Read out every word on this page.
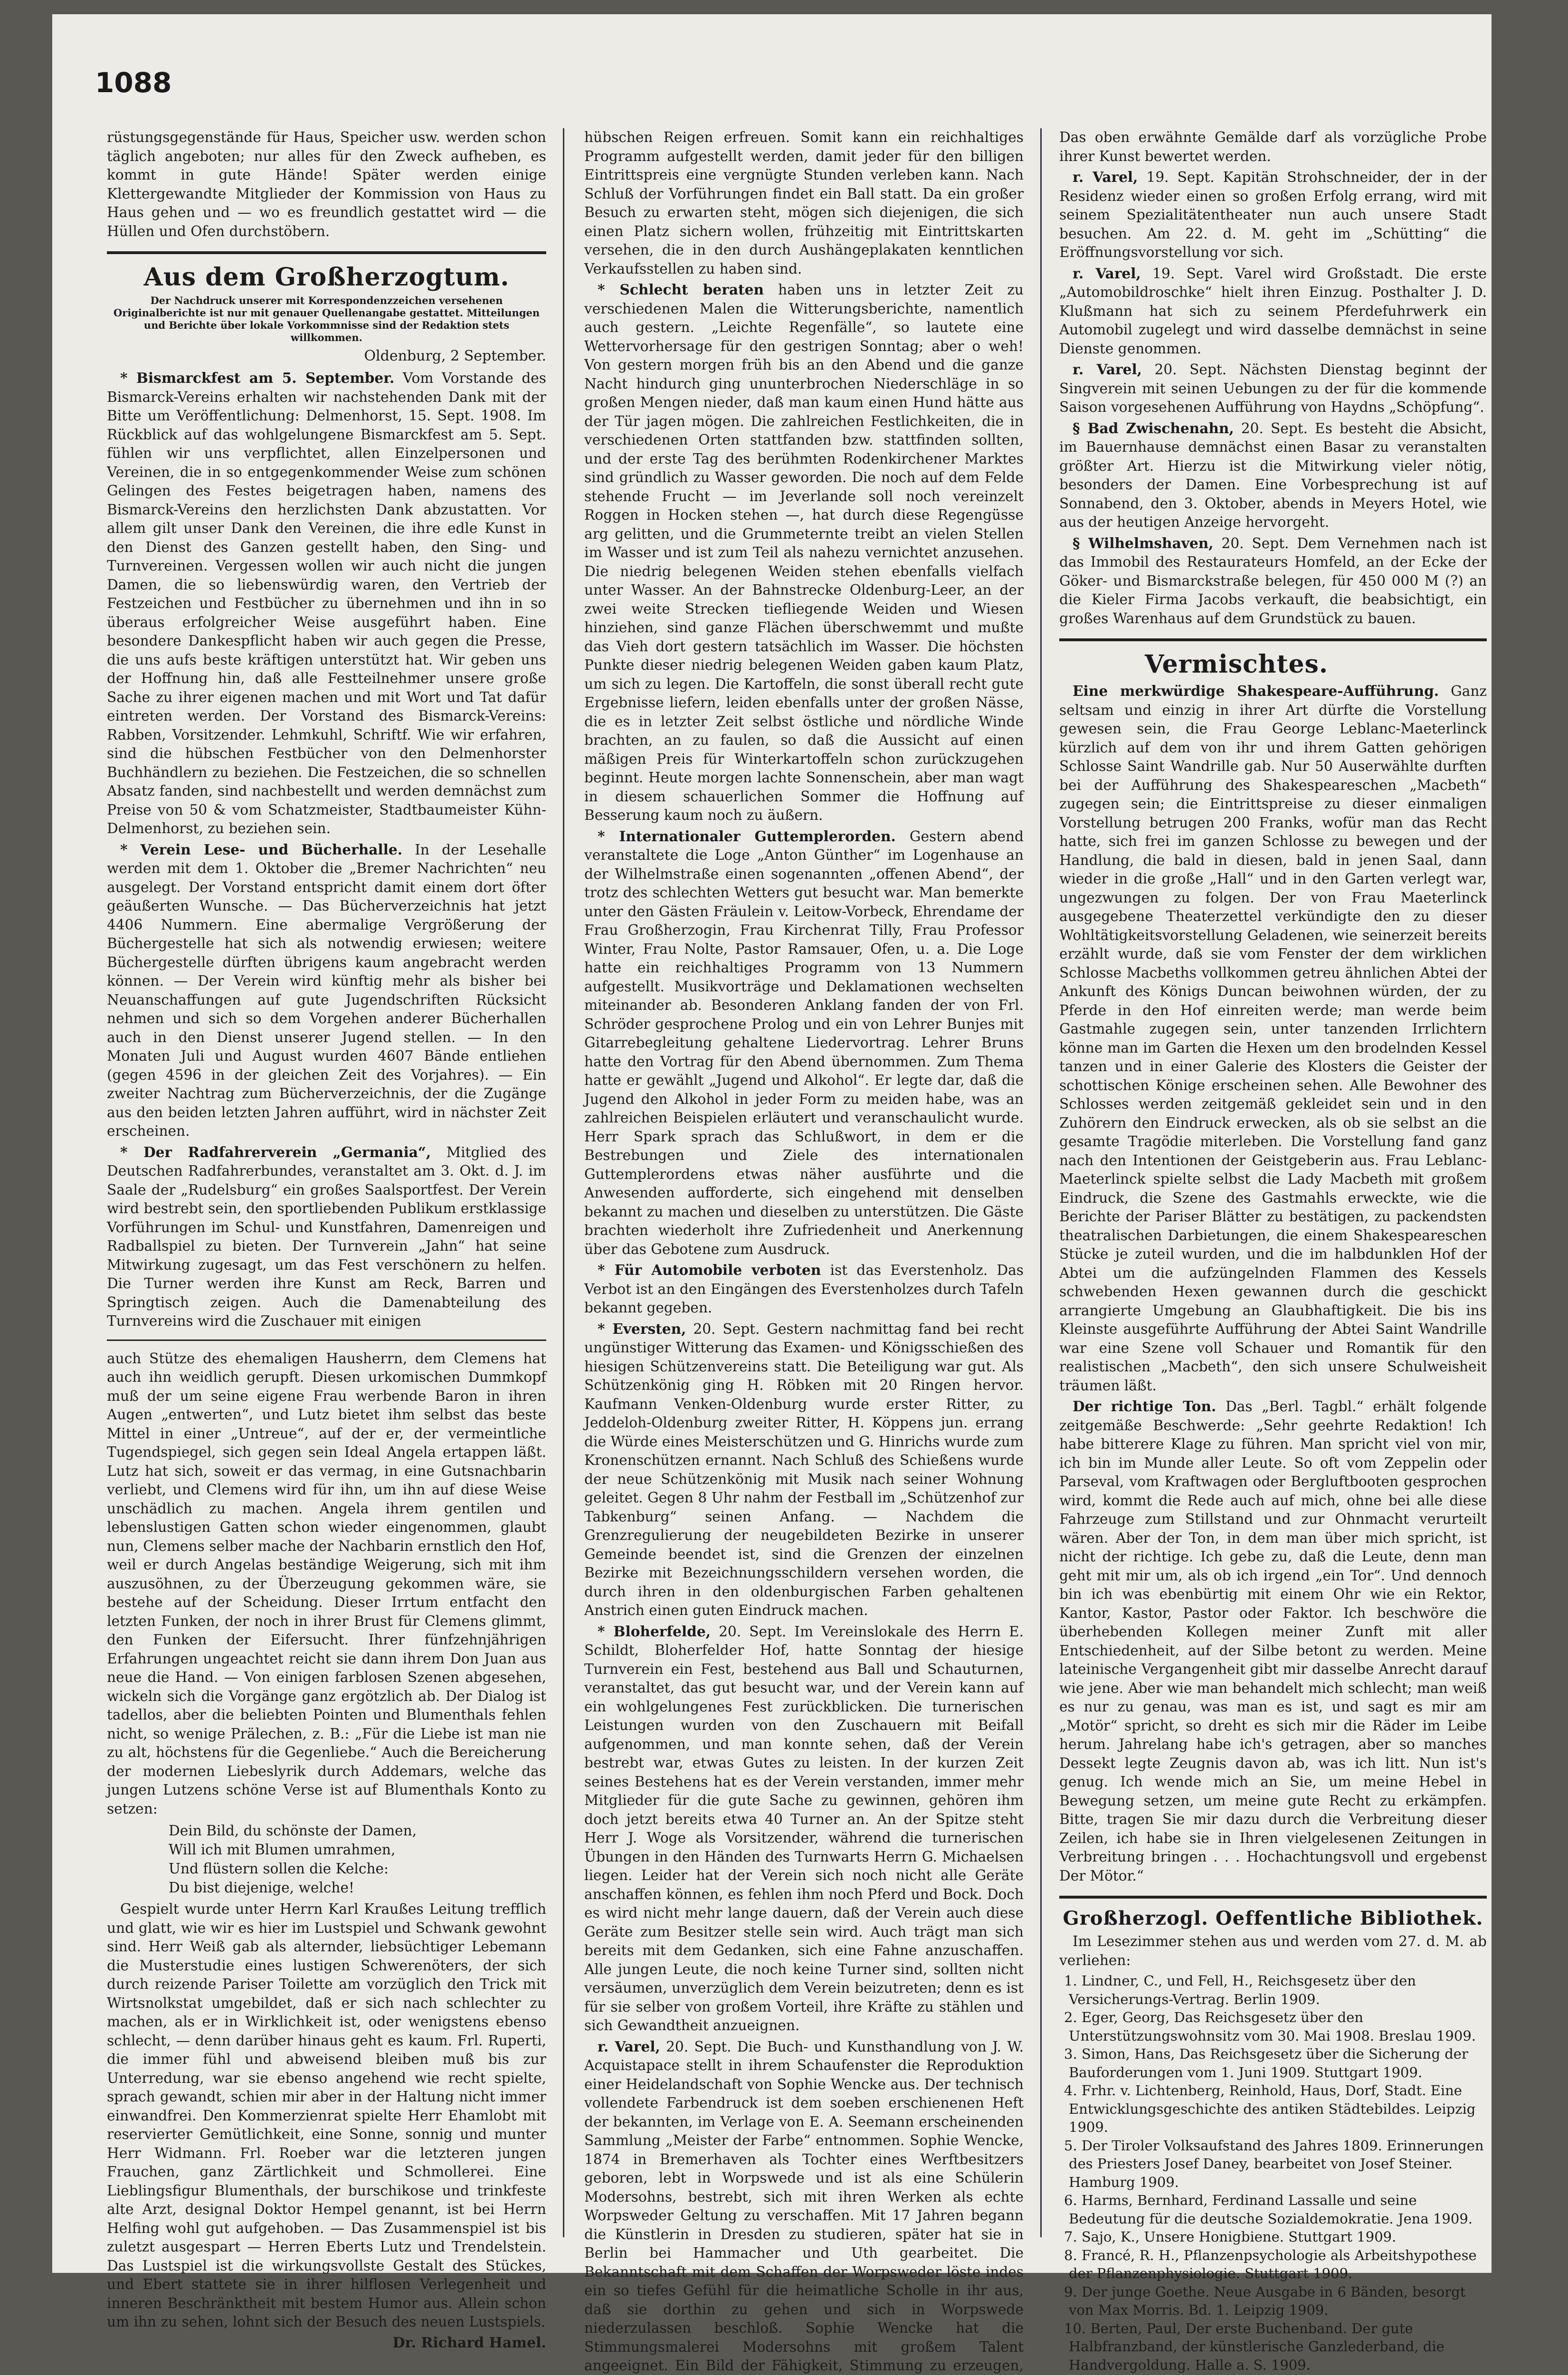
1088

rüstungsgegenstände für Haus, Speicher usw. werden schon täglich angeboten; nur alles für den Zweck aufheben, es kommt in gute Hände! Später werden einige Klettergewandte Mitglieder der Kommission von Haus zu Haus gehen und — wo es freundlich gestattet wird — die Hüllen und Ofen durchstöbern.

Aus dem Großherzogtum.
Der Nachdruck unserer mit Korrespondenzzeichen versehenen Originalberichte ist nur mit genauer Quellenangabe gestattet. Mitteilungen und Berichte über lokale Vorkommnisse sind der Redaktion stets willkommen.
Oldenburg, 2 September.

* Bismarckfest am 5. September. Vom Vorstande des Bismarck-Vereins erhalten wir nachstehenden Dank mit der Bitte um Veröffentlichung: Delmenhorst, 15. Sept. 1908. Im Rückblick auf das wohlgelungene Bismarckfest am 5. Sept. fühlen wir uns verpflichtet, allen Einzelpersonen und Vereinen, die in so entgegenkommender Weise zum schönen Gelingen des Festes beigetragen haben, namens des Bismarck-Vereins den herzlichsten Dank abzustatten. Vor allem gilt unser Dank den Vereinen, die ihre edle Kunst in den Dienst des Ganzen gestellt haben, den Sing- und Turnvereinen. Vergessen wollen wir auch nicht die jungen Damen, die so liebenswürdig waren, den Vertrieb der Festzeichen und Festbücher zu übernehmen und ihn in so überaus erfolgreicher Weise ausgeführt haben. Eine besondere Dankespflicht haben wir auch gegen die Presse, die uns aufs beste kräftigen unterstützt hat. Wir geben uns der Hoffnung hin, daß alle Festteilnehmer unsere große Sache zu ihrer eigenen machen und mit Wort und Tat dafür eintreten werden. Der Vorstand des Bismarck-Vereins: Rabben, Vorsitzender. Lehmkuhl, Schriftf. Wie wir erfahren, sind die hübschen Festbücher von den Delmenhorster Buchhändlern zu beziehen. Die Festzeichen, die so schnellen Absatz fanden, sind nachbestellt und werden demnächst zum Preise von 50 & vom Schatzmeister, Stadtbaumeister Kühn-Delmenhorst, zu beziehen sein.

* Verein Lese- und Bücherhalle. In der Lesehalle werden mit dem 1. Oktober die „Bremer Nachrichten“ neu ausgelegt. Der Vorstand entspricht damit einem dort öfter geäußerten Wunsche. — Das Bücherverzeichnis hat jetzt 4406 Nummern. Eine abermalige Vergrößerung der Büchergestelle hat sich als notwendig erwiesen; weitere Büchergestelle dürften übrigens kaum angebracht werden können. — Der Verein wird künftig mehr als bisher bei Neuanschaffungen auf gute Jugendschriften Rücksicht nehmen und sich so dem Vorgehen anderer Bücherhallen auch in den Dienst unserer Jugend stellen. — In den Monaten Juli und August wurden 4607 Bände entliehen (gegen 4596 in der gleichen Zeit des Vorjahres). — Ein zweiter Nachtrag zum Bücherverzeichnis, der die Zugänge aus den beiden letzten Jahren aufführt, wird in nächster Zeit erscheinen.

* Der Radfahrerverein „Germania“, Mitglied des Deutschen Radfahrerbundes, veranstaltet am 3. Okt. d. J. im Saale der „Rudelsburg“ ein großes Saalsportfest. Der Verein wird bestrebt sein, den sportliebenden Publikum erstklassige Vorführungen im Schul- und Kunstfahren, Damenreigen und Radballspiel zu bieten. Der Turnverein „Jahn“ hat seine Mitwirkung zugesagt, um das Fest verschönern zu helfen. Die Turner werden ihre Kunst am Reck, Barren und Springtisch zeigen. Auch die Damenabteilung des Turnvereins wird die Zuschauer mit einigen

auch Stütze des ehemaligen Hausherrn, dem Clemens hat auch ihn weidlich gerupft. Diesen urkomischen Dummkopf muß der um seine eigene Frau werbende Baron in ihren Augen „entwerten“, und Lutz bietet ihm selbst das beste Mittel in einer „Untreue“, auf der er, der vermeintliche Tugendspiegel, sich gegen sein Ideal Angela ertappen läßt. Lutz hat sich, soweit er das vermag, in eine Gutsnachbarin verliebt, und Clemens wird für ihn, um ihn auf diese Weise unschädlich zu machen. Angela ihrem gentilen und lebenslustigen Gatten schon wieder eingenommen, glaubt nun, Clemens selber mache der Nachbarin ernstlich den Hof, weil er durch Angelas beständige Weigerung, sich mit ihm auszusöhnen, zu der Überzeugung gekommen wäre, sie bestehe auf der Scheidung. Dieser Irrtum entfacht den letzten Funken, der noch in ihrer Brust für Clemens glimmt, den Funken der Eifersucht. Ihrer fünfzehnjährigen Erfahrungen ungeachtet reicht sie dann ihrem Don Juan aus neue die Hand. — Von einigen farblosen Szenen abgesehen, wickeln sich die Vorgänge ganz ergötzlich ab. Der Dialog ist tadellos, aber die beliebten Pointen und Blumenthals fehlen nicht, so wenige Prälechen, z. B.: „Für die Liebe ist man nie zu alt, höchstens für die Gegenliebe.“ Auch die Bereicherung der modernen Liebeslyrik durch Addemars, welche das jungen Lutzens schöne Verse ist auf Blumenthals Konto zu setzen:

Dein Bild, du schönste der Damen,
Will ich mit Blumen umrahmen,
Und flüstern sollen die Kelche:
Du bist diejenige, welche!

Gespielt wurde unter Herrn Karl Kraußes Leitung trefflich und glatt, wie wir es hier im Lustspiel und Schwank gewohnt sind. Herr Weiß gab als alternder, liebsüchtiger Lebemann die Musterstudie eines lustigen Schwerenöters, der sich durch reizende Pariser Toilette am vorzüglich den Trick mit Wirtsnolkstat umgebildet, daß er sich nach schlechter zu machen, als er in Wirklichkeit ist, oder wenigstens ebenso schlecht, — denn darüber hinaus geht es kaum. Frl. Ruperti, die immer fühl und abweisend bleiben muß bis zur Unterredung, war sie ebenso angehend wie recht spielte, sprach gewandt, schien mir aber in der Haltung nicht immer einwandfrei. Den Kommerzienrat spielte Herr Ehamlobt mit reservierter Gemütlichkeit, eine Sonne, sonnig und munter Herr Widmann. Frl. Roeber war die letzteren jungen Frauchen, ganz Zärtlichkeit und Schmollerei. Eine Lieblingsfigur Blumenthals, der burschikose und trinkfeste alte Arzt, designal Doktor Hempel genannt, ist bei Herrn Helfing wohl gut aufgehoben. — Das Zusammenspiel ist bis zuletzt ausgespart — Herren Eberts Lutz und Trendelstein. Das Lustspiel ist die wirkungsvollste Gestalt des Stückes, und Ebert stattete sie in ihrer hilflosen Verlegenheit und inneren Beschränktheit mit bestem Humor aus. Allein schon um ihn zu sehen, lohnt sich der Besuch des neuen Lustspiels.

Dr. Richard Hamel.

hübschen Reigen erfreuen. Somit kann ein reichhaltiges Programm aufgestellt werden, damit jeder für den billigen Eintrittspreis eine vergnügte Stunden verleben kann. Nach Schluß der Vorführungen findet ein Ball statt. Da ein großer Besuch zu erwarten steht, mögen sich diejenigen, die sich einen Platz sichern wollen, frühzeitig mit Eintrittskarten versehen, die in den durch Aushängeplakaten kenntlichen Verkaufsstellen zu haben sind.

* Schlecht beraten haben uns in letzter Zeit zu verschiedenen Malen die Witterungsberichte, namentlich auch gestern. „Leichte Regenfälle“, so lautete eine Wettervorhersage für den gestrigen Sonntag; aber o weh! Von gestern morgen früh bis an den Abend und die ganze Nacht hindurch ging ununterbrochen Niederschläge in so großen Mengen nieder, daß man kaum einen Hund hätte aus der Tür jagen mögen. Die zahlreichen Festlichkeiten, die in verschiedenen Orten stattfanden bzw. stattfinden sollten, und der erste Tag des berühmten Rodenkirchener Marktes sind gründlich zu Wasser geworden. Die noch auf dem Felde stehende Frucht — im Jeverlande soll noch vereinzelt Roggen in Hocken stehen —, hat durch diese Regengüsse arg gelitten, und die Grummeternte treibt an vielen Stellen im Wasser und ist zum Teil als nahezu vernichtet anzusehen. Die niedrig belegenen Weiden stehen ebenfalls vielfach unter Wasser. An der Bahnstrecke Oldenburg-Leer, an der zwei weite Strecken tiefliegende Weiden und Wiesen hinziehen, sind ganze Flächen überschwemmt und mußte das Vieh dort gestern tatsächlich im Wasser. Die höchsten Punkte dieser niedrig belegenen Weiden gaben kaum Platz, um sich zu legen. Die Kartoffeln, die sonst überall recht gute Ergebnisse liefern, leiden ebenfalls unter der großen Nässe, die es in letzter Zeit selbst östliche und nördliche Winde brachten, an zu faulen, so daß die Aussicht auf einen mäßigen Preis für Winterkartoffeln schon zurückzugehen beginnt. Heute morgen lachte Sonnenschein, aber man wagt in diesem schauerlichen Sommer die Hoffnung auf Besserung kaum noch zu äußern.

* Internationaler Guttemplerorden. Gestern abend veranstaltete die Loge „Anton Günther“ im Logenhause an der Wilhelmstraße einen sogenannten „offenen Abend“, der trotz des schlechten Wetters gut besucht war. Man bemerkte unter den Gästen Fräulein v. Leitow-Vorbeck, Ehrendame der Frau Großherzogin, Frau Kirchenrat Tilly, Frau Professor Winter, Frau Nolte, Pastor Ramsauer, Ofen, u. a. Die Loge hatte ein reichhaltiges Programm von 13 Nummern aufgestellt. Musikvorträge und Deklamationen wechselten miteinander ab. Besonderen Anklang fanden der von Frl. Schröder gesprochene Prolog und ein von Lehrer Bunjes mit Gitarrebegleitung gehaltene Liedervortrag. Lehrer Bruns hatte den Vortrag für den Abend übernommen. Zum Thema hatte er gewählt „Jugend und Alkohol“. Er legte dar, daß die Jugend den Alkohol in jeder Form zu meiden habe, was an zahlreichen Beispielen erläutert und veranschaulicht wurde. Herr Spark sprach das Schlußwort, in dem er die Bestrebungen und Ziele des internationalen Guttemplerordens etwas näher ausführte und die Anwesenden aufforderte, sich eingehend mit denselben bekannt zu machen und dieselben zu unterstützen. Die Gäste brachten wiederholt ihre Zufriedenheit und Anerkennung über das Gebotene zum Ausdruck.

* Für Automobile verboten ist das Everstenholz. Das Verbot ist an den Eingängen des Everstenholzes durch Tafeln bekannt gegeben.

* Eversten, 20. Sept. Gestern nachmittag fand bei recht ungünstiger Witterung das Examen- und Königsschießen des hiesigen Schützenvereins statt. Die Beteiligung war gut. Als Schützenkönig ging H. Röbken mit 20 Ringen hervor. Kaufmann Venken-Oldenburg wurde erster Ritter, zu Jeddeloh-Oldenburg zweiter Ritter, H. Köppens jun. errang die Würde eines Meisterschützen und G. Hinrichs wurde zum Kronenschützen ernannt. Nach Schluß des Schießens wurde der neue Schützenkönig mit Musik nach seiner Wohnung geleitet. Gegen 8 Uhr nahm der Festball im „Schützenhof zur Tabkenburg“ seinen Anfang. — Nachdem die Grenzregulierung der neugebildeten Bezirke in unserer Gemeinde beendet ist, sind die Grenzen der einzelnen Bezirke mit Bezeichnungsschildern versehen worden, die durch ihren in den oldenburgischen Farben gehaltenen Anstrich einen guten Eindruck machen.

* Bloherfelde, 20. Sept. Im Vereinslokale des Herrn E. Schildt, Bloherfelder Hof, hatte Sonntag der hiesige Turnverein ein Fest, bestehend aus Ball und Schauturnen, veranstaltet, das gut besucht war, und der Verein kann auf ein wohlgelungenes Fest zurückblicken. Die turnerischen Leistungen wurden von den Zuschauern mit Beifall aufgenommen, und man konnte sehen, daß der Verein bestrebt war, etwas Gutes zu leisten. In der kurzen Zeit seines Bestehens hat es der Verein verstanden, immer mehr Mitglieder für die gute Sache zu gewinnen, gehören ihm doch jetzt bereits etwa 40 Turner an. An der Spitze steht Herr J. Woge als Vorsitzender, während die turnerischen Übungen in den Händen des Turnwarts Herrn G. Michaelsen liegen. Leider hat der Verein sich noch nicht alle Geräte anschaffen können, es fehlen ihm noch Pferd und Bock. Doch es wird nicht mehr lange dauern, daß der Verein auch diese Geräte zum Besitzer stelle sein wird. Auch trägt man sich bereits mit dem Gedanken, sich eine Fahne anzuschaffen. Alle jungen Leute, die noch keine Turner sind, sollten nicht versäumen, unverzüglich dem Verein beizutreten; denn es ist für sie selber von großem Vorteil, ihre Kräfte zu stählen und sich Gewandtheit anzueignen.

r. Varel, 20. Sept. Die Buch- und Kunsthandlung von J. W. Acquistapace stellt in ihrem Schaufenster die Reproduktion einer Heidelandschaft von Sophie Wencke aus. Der technisch vollendete Farbendruck ist dem soeben erschienenen Heft der bekannten, im Verlage von E. A. Seemann erscheinenden Sammlung „Meister der Farbe“ entnommen. Sophie Wencke, 1874 in Bremerhaven als Tochter eines Werftbesitzers geboren, lebt in Worpswede und ist als eine Schülerin Modersohns, bestrebt, sich mit ihren Werken als echte Worpsweder Geltung zu verschaffen. Mit 17 Jahren begann die Künstlerin in Dresden zu studieren, später hat sie in Berlin bei Hammacher und Uth gearbeitet. Die Bekanntschaft mit dem Schaffen der Worpsweder löste indes ein so tiefes Gefühl für die heimatliche Scholle in ihr aus, daß sie dorthin zu gehen und sich in Worpswede niederzulassen beschloß. Sophie Wencke hat die Stimmungsmalerei Modersohns mit großem Talent angeeignet. Ein Bild der Fähigkeit, Stimmung zu erzeugen,

Das oben erwähnte Gemälde darf als vorzügliche Probe ihrer Kunst bewertet werden.

r. Varel, 19. Sept. Kapitän Strohschneider, der in der Residenz wieder einen so großen Erfolg errang, wird mit seinem Spezialitätentheater nun auch unsere Stadt besuchen. Am 22. d. M. geht im „Schütting“ die Eröffnungsvorstellung vor sich.

r. Varel, 19. Sept. Varel wird Großstadt. Die erste „Automobildroschke“ hielt ihren Einzug. Posthalter J. D. Klußmann hat sich zu seinem Pferdefuhrwerk ein Automobil zugelegt und wird dasselbe demnächst in seine Dienste genommen.

r. Varel, 20. Sept. Nächsten Dienstag beginnt der Singverein mit seinen Uebungen zu der für die kommende Saison vorgesehenen Aufführung von Haydns „Schöpfung“.

§ Bad Zwischenahn, 20. Sept. Es besteht die Absicht, im Bauernhause demnächst einen Basar zu veranstalten größter Art. Hierzu ist die Mitwirkung vieler nötig, besonders der Damen. Eine Vorbesprechung ist auf Sonnabend, den 3. Oktober, abends in Meyers Hotel, wie aus der heutigen Anzeige hervorgeht.

§ Wilhelmshaven, 20. Sept. Dem Vernehmen nach ist das Immobil des Restaurateurs Homfeld, an der Ecke der Göker- und Bismarckstraße belegen, für 450 000 M (?) an die Kieler Firma Jacobs verkauft, die beabsichtigt, ein großes Warenhaus auf dem Grundstück zu bauen.

Vermischtes.

Eine merkwürdige Shakespeare-Aufführung. Ganz seltsam und einzig in ihrer Art dürfte die Vorstellung gewesen sein, die Frau George Leblanc-Maeterlinck kürzlich auf dem von ihr und ihrem Gatten gehörigen Schlosse Saint Wandrille gab. Nur 50 Auserwählte durften bei der Aufführung des Shakespeareschen „Macbeth“ zugegen sein; die Eintrittspreise zu dieser einmaligen Vorstellung betrugen 200 Franks, wofür man das Recht hatte, sich frei im ganzen Schlosse zu bewegen und der Handlung, die bald in diesen, bald in jenen Saal, dann wieder in die große „Hall“ und in den Garten verlegt war, ungezwungen zu folgen. Der von Frau Maeterlinck ausgegebene Theaterzettel verkündigte den zu dieser Wohltätigkeitsvorstellung Geladenen, wie seinerzeit bereits erzählt wurde, daß sie vom Fenster der dem wirklichen Schlosse Macbeths vollkommen getreu ähnlichen Abtei der Ankunft des Königs Duncan beiwohnen würden, der zu Pferde in den Hof einreiten werde; man werde beim Gastmahle zugegen sein, unter tanzenden Irrlichtern könne man im Garten die Hexen um den brodelnden Kessel tanzen und in einer Galerie des Klosters die Geister der schottischen Könige erscheinen sehen. Alle Bewohner des Schlosses werden zeitgemäß gekleidet sein und in den Zuhörern den Eindruck erwecken, als ob sie selbst an die gesamte Tragödie miterleben. Die Vorstellung fand ganz nach den Intentionen der Geistgeberin aus. Frau Leblanc-Maeterlinck spielte selbst die Lady Macbeth mit großem Eindruck, die Szene des Gastmahls erweckte, wie die Berichte der Pariser Blätter zu bestätigen, zu packendsten theatralischen Darbietungen, die einem Shakespeareschen Stücke je zuteil wurden, und die im halbdunklen Hof der Abtei um die aufzüngelnden Flammen des Kessels schwebenden Hexen gewannen durch die geschickt arrangierte Umgebung an Glaubhaftigkeit. Die bis ins Kleinste ausgeführte Aufführung der Abtei Saint Wandrille war eine Szene voll Schauer und Romantik für den realistischen „Macbeth“, den sich unsere Schulweisheit träumen läßt.

Der richtige Ton. Das „Berl. Tagbl.“ erhält folgende zeitgemäße Beschwerde: „Sehr geehrte Redaktion! Ich habe bitterere Klage zu führen. Man spricht viel von mir, ich bin im Munde aller Leute. So oft vom Zeppelin oder Parseval, vom Kraftwagen oder Bergluftbooten gesprochen wird, kommt die Rede auch auf mich, ohne bei alle diese Fahrzeuge zum Stillstand und zur Ohnmacht verurteilt wären. Aber der Ton, in dem man über mich spricht, ist nicht der richtige. Ich gebe zu, daß die Leute, denn man geht mit mir um, als ob ich irgend „ein Tor“. Und dennoch bin ich was ebenbürtig mit einem Ohr wie ein Rektor, Kantor, Kastor, Pastor oder Faktor. Ich beschwöre die überhebenden Kollegen meiner Zunft mit aller Entschiedenheit, auf der Silbe betont zu werden. Meine lateinische Vergangenheit gibt mir dasselbe Anrecht darauf wie jene. Aber wie man behandelt mich schlecht; man weiß es nur zu genau, was man es ist, und sagt es mir am „Motör“ spricht, so dreht es sich mir die Räder im Leibe herum. Jahrelang habe ich's getragen, aber so manches Dessekt legte Zeugnis davon ab, was ich litt. Nun ist's genug. Ich wende mich an Sie, um meine Hebel in Bewegung setzen, um meine gute Recht zu erkämpfen. Bitte, tragen Sie mir dazu durch die Verbreitung dieser Zeilen, ich habe sie in Ihren vielgelesenen Zeitungen in Verbreitung bringen . . . Hochachtungsvoll und ergebenst Der Mötor.“

Großherzogl. Oeffentliche Bibliothek.

Im Lesezimmer stehen aus und werden vom 27. d. M. ab verliehen:

1. Lindner, C., und Fell, H., Reichsgesetz über den Versicherungs-Vertrag. Berlin 1909.
2. Eger, Georg, Das Reichsgesetz über den Unterstützungswohnsitz vom 30. Mai 1908. Breslau 1909.
3. Simon, Hans, Das Reichsgesetz über die Sicherung der Bauforderungen vom 1. Juni 1909. Stuttgart 1909.
4. Frhr. v. Lichtenberg, Reinhold, Haus, Dorf, Stadt. Eine Entwicklungsgeschichte des antiken Städtebildes. Leipzig 1909.
5. Der Tiroler Volksaufstand des Jahres 1809. Erinnerungen des Priesters Josef Daney, bearbeitet von Josef Steiner. Hamburg 1909.
6. Harms, Bernhard, Ferdinand Lassalle und seine Bedeutung für die deutsche Sozialdemokratie. Jena 1909.
7. Sajo, K., Unsere Honigbiene. Stuttgart 1909.
8. Francé, R. H., Pflanzenpsychologie als Arbeitshypothese der Pflanzenphysiologie. Stuttgart 1909.
9. Der junge Goethe. Neue Ausgabe in 6 Bänden, besorgt von Max Morris. Bd. 1. Leipzig 1909.
10. Berten, Paul, Der erste Buchenband. Der gute Halbfranzband, der künstlerische Ganzlederband, die Handvergoldung. Halle a. S. 1909.
